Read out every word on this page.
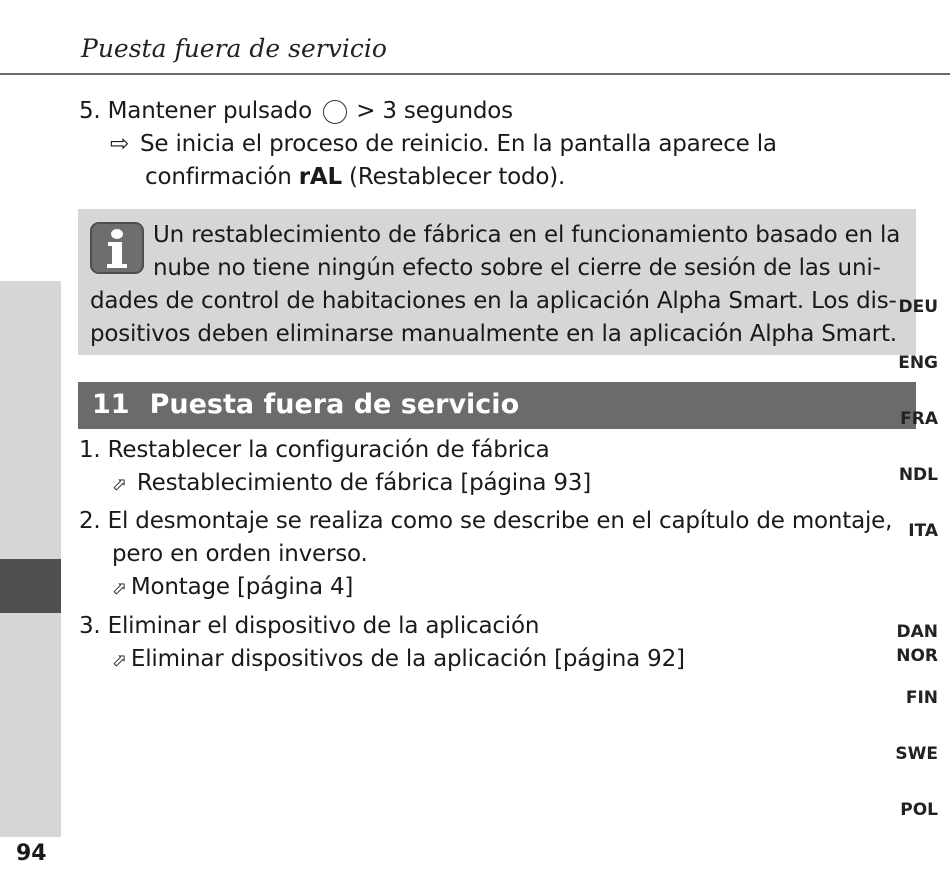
Puesta fuera de servicio
5. Mantener pulsado > 3 segundos
⇨ Se inicia el proceso de reinicio. En la pantalla aparece la
confirmación rAL (Restablecer todo).
Un restablecimiento de fábrica en el funcionamiento basado en la
nube no tiene ningún efecto sobre el cierre de sesión de las uni-
dades de control de habitaciones en la aplicación Alpha Smart. Los dis-
positivos deben eliminarse manualmente en la aplicación Alpha Smart.
11 Puesta fuera de servicio
1. Restablecer la configuración de fábrica
⬀ Restablecimiento de fábrica [página 93]
2. El desmontaje se realiza como se describe en el capítulo de montaje,
pero en orden inverso.
⬀ Montage [página 4]
3. Eliminar el dispositivo de la aplicación
⬀ Eliminar dispositivos de la aplicación [página 92]
DEU
ENG
FRA
NDL
ITA
ESP
DAN
NOR
FIN
SWE
POL
94
